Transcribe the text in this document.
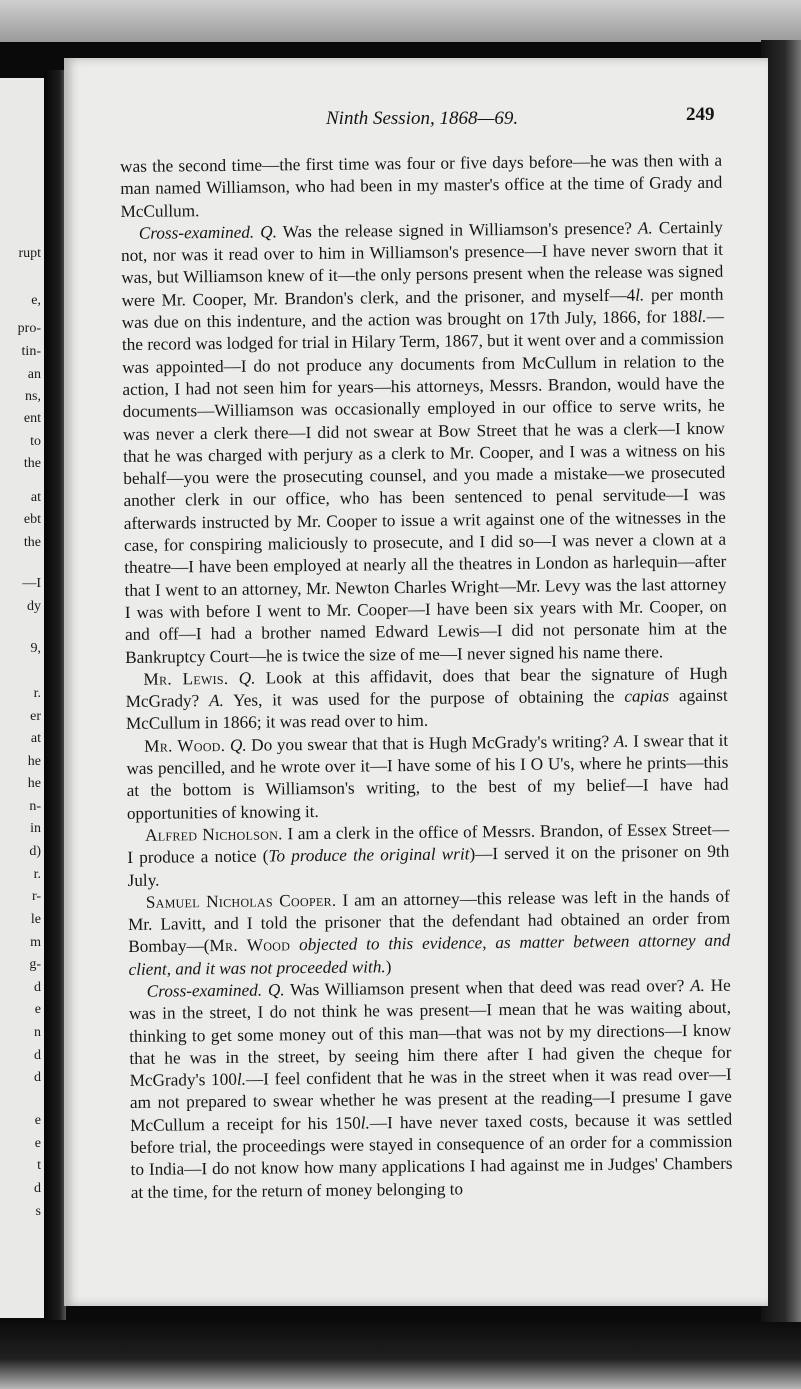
rupt
e,
pro-
tin-
an
ns,
ent
to
the
at
ebt
the
—I
dy
9,
r.
er
at
he
he
n-
in
d)
r.
r-
le
m
g-
d
e
n
d
d
e
e
t
d
s
Ninth Session, 1868—69.	249

was the second time—the first time was four or five days before—he was then with a man named Williamson, who had been in my master's office at the time of Grady and McCullum.

Cross-examined. Q. Was the release signed in Williamson's presence? A. Certainly not, nor was it read over to him in Williamson's presence—I have never sworn that it was, but Williamson knew of it—the only persons present when the release was signed were Mr. Cooper, Mr. Brandon's clerk, and the prisoner, and myself—4l. per month was due on this indenture, and the action was brought on 17th July, 1866, for 188l.—the record was lodged for trial in Hilary Term, 1867, but it went over and a commission was appointed—I do not produce any documents from McCullum in relation to the action, I had not seen him for years—his attorneys, Messrs. Brandon, would have the documents—Williamson was occasionally employed in our office to serve writs, he was never a clerk there—I did not swear at Bow Street that he was a clerk—I know that he was charged with perjury as a clerk to Mr. Cooper, and I was a witness on his behalf—you were the prosecuting counsel, and you made a mistake—we prosecuted another clerk in our office, who has been sentenced to penal servitude—I was afterwards instructed by Mr. Cooper to issue a writ against one of the witnesses in the case, for conspiring maliciously to prosecute, and I did so—I was never a clown at a theatre—I have been employed at nearly all the theatres in London as harlequin—after that I went to an attorney, Mr. Newton Charles Wright—Mr. Levy was the last attorney I was with before I went to Mr. Cooper—I have been six years with Mr. Cooper, on and off—I had a brother named Edward Lewis—I did not personate him at the Bankruptcy Court—he is twice the size of me—I never signed his name there.

Mr. Lewis. Q. Look at this affidavit, does that bear the signature of Hugh McGrady? A. Yes, it was used for the purpose of obtaining the capias against McCullum in 1866; it was read over to him.

Mr. Wood. Q. Do you swear that that is Hugh McGrady's writing? A. I swear that it was pencilled, and he wrote over it—I have some of his I O U's, where he prints—this at the bottom is Williamson's writing, to the best of my belief—I have had opportunities of knowing it.

Alfred Nicholson. I am a clerk in the office of Messrs. Brandon, of Essex Street—I produce a notice (To produce the original writ)—I served it on the prisoner on 9th July.

Samuel Nicholas Cooper. I am an attorney—this release was left in the hands of Mr. Lavitt, and I told the prisoner that the defendant had obtained an order from Bombay—(Mr. Wood objected to this evidence, as matter between attorney and client, and it was not proceeded with.)

Cross-examined. Q. Was Williamson present when that deed was read over? A. He was in the street, I do not think he was present—I mean that he was waiting about, thinking to get some money out of this man—that was not by my directions—I know that he was in the street, by seeing him there after I had given the cheque for McGrady's 100l.—I feel confident that he was in the street when it was read over—I am not prepared to swear whether he was present at the reading—I presume I gave McCullum a receipt for his 150l.—I have never taxed costs, because it was settled before trial, the proceedings were stayed in consequence of an order for a commission to India—I do not know how many applications I had against me in Judges' Chambers at the time, for the return of money belonging to
